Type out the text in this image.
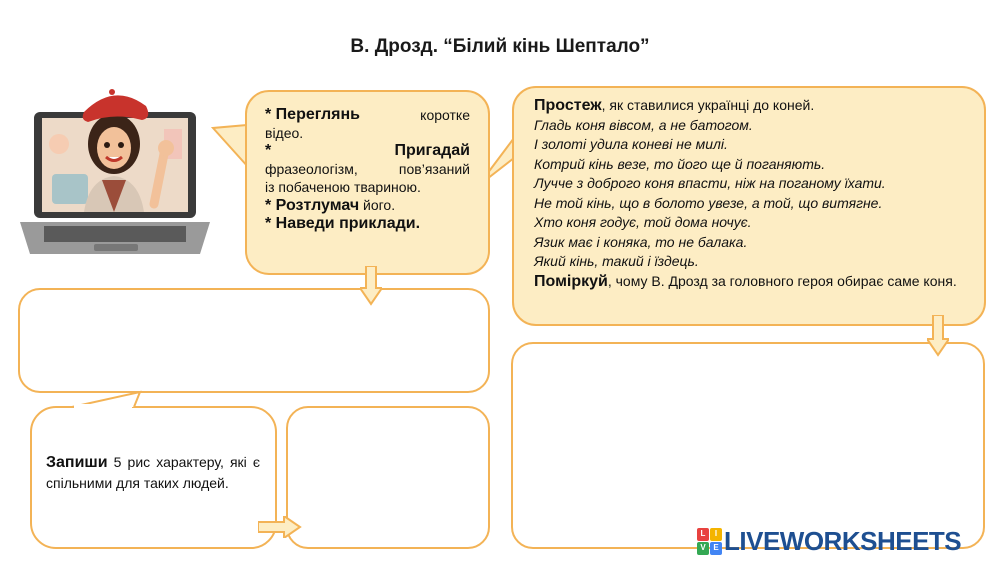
В. Дрозд. “Білий кінь Шептало”
* Переглянь	коротке
відео.
*	Пригадай
фразеологізм,	пов’язаний
із побаченою твариною.
* Розтлумач його.
* Наведи приклади.
Простеж, як ставилися українці до коней.
Гладь коня вівсом, а не батогом.
І золоті удила коневі не милі.
Котрий кінь везе, то його ще й поганяють.
Лучче з доброго коня впасти, ніж на поганому їхати.
Не той кінь, що в болото увезе, а той, що витягне.
Хто коня годує, той дома ночує.
Язик має і коняка, то не балака.
Який кінь, такий і їздець.
Поміркуй, чому В. Дрозд за головного героя обирає саме коня.
Запиши 5 рис характеру, які є спільними для таких людей.
L	I
V E LIVEWORKSHEETS
